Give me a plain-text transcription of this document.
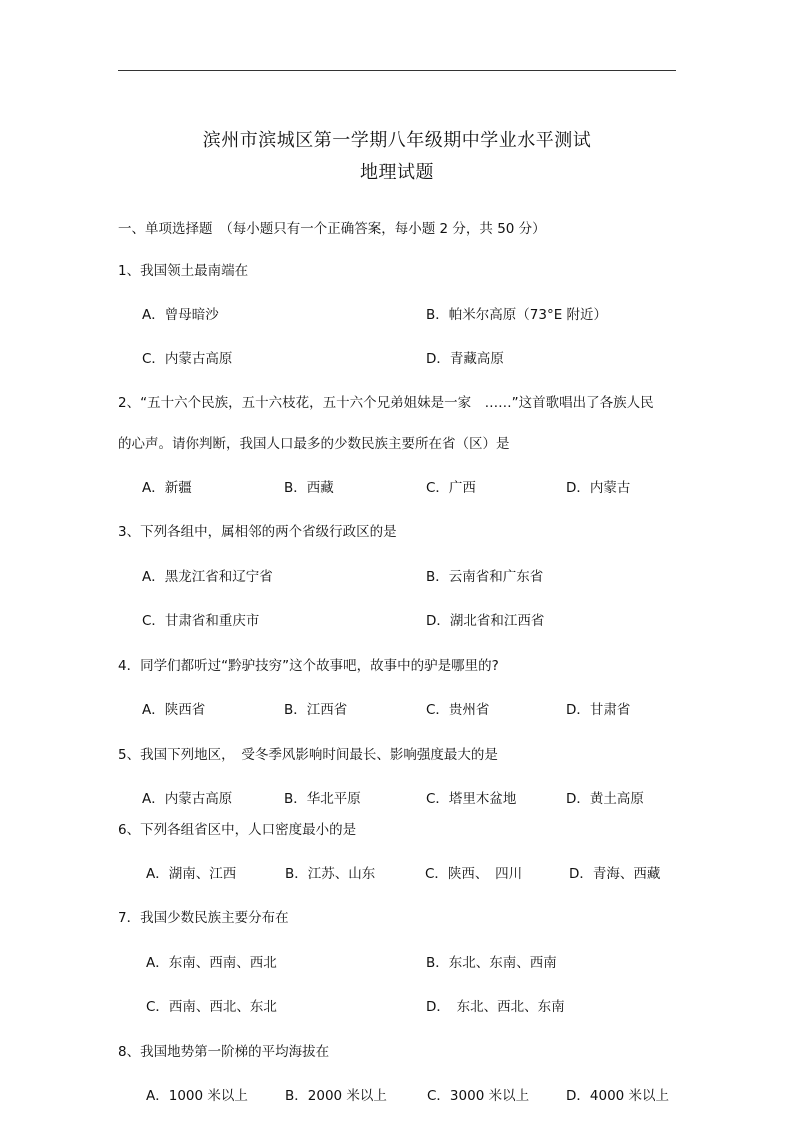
滨州市滨城区第一学期八年级期中学业水平测试
地理试题
一、单项选择题　（每小题只有一个正确答案，每小题 2 分，共 50 分）
1、我国领土最南端在
A．曾母暗沙	B．帕米尔高原（73°E 附近）
C．内蒙古高原	D．青藏高原
2、“五十六个民族，五十六枝花，五十六个兄弟姐妹是一家　……”这首歌唱出了各族人民
的心声。请你判断，我国人口最多的少数民族主要所在省（区）是
A．新疆	B．西藏	C．广西	D．内蒙古
3、下列各组中，属相邻的两个省级行政区的是
A．黑龙江省和辽宁省	B．云南省和广东省
C．甘肃省和重庆市	D．湖北省和江西省
4．同学们都听过“黔驴技穷”这个故事吧，故事中的驴是哪里的?
A．陕西省	B．江西省	C．贵州省	D．甘肃省
5、我国下列地区，　受冬季风影响时间最长、影响强度最大的是
A．内蒙古高原	B．华北平原	C．塔里木盆地	D．黄土高原
6、下列各组省区中，人口密度最小的是
A．湖南、江西	B．江苏、山东	C．陕西、　四川	D．青海、西藏
7．我国少数民族主要分布在
A．东南、西南、西北	B．东北、东南、西南
C．西南、西北、东北	D．　东北、西北、东南
8、我国地势第一阶梯的平均海拔在
A．1000 米以上	B．2000 米以上	C．3000 米以上	D．4000 米以上
